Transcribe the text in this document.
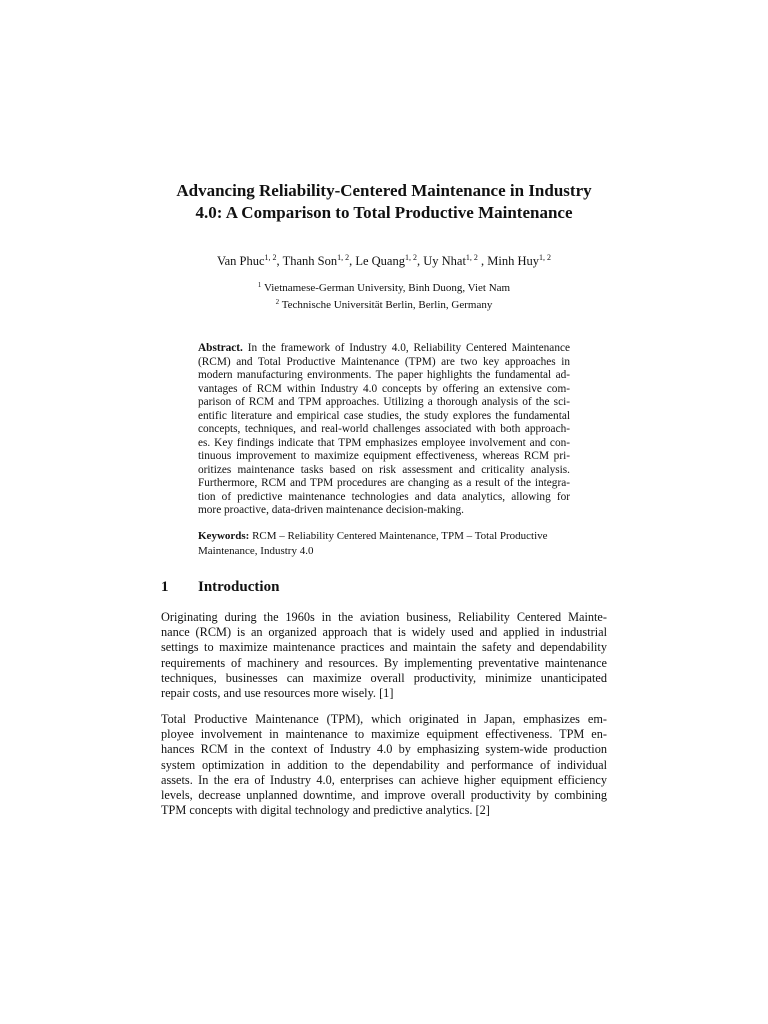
Advancing Reliability-Centered Maintenance in Industry
4.0: A Comparison to Total Productive Maintenance
Van Phuc$^{1, 2}$, Thanh Son$^{1, 2}$, Le Quang$^{1, 2}$, Uy Nhat$^{1, 2}$ , Minh Huy$^{1, 2}$
$^1$ Vietnamese-German University, Binh Duong, Viet Nam
$^2$ Technische Universität Berlin, Berlin, Germany
Abstract. In the framework of Industry 4.0, Reliability Centered Maintenance
(RCM) and Total Productive Maintenance (TPM) are two key approaches in
modern manufacturing environments. The paper highlights the fundamental ad-
vantages of RCM within Industry 4.0 concepts by offering an extensive com-
parison of RCM and TPM approaches. Utilizing a thorough analysis of the sci-
entific literature and empirical case studies, the study explores the fundamental
concepts, techniques, and real-world challenges associated with both approach-
es. Key findings indicate that TPM emphasizes employee involvement and con-
tinuous improvement to maximize equipment effectiveness, whereas RCM pri-
oritizes maintenance tasks based on risk assessment and criticality analysis.
Furthermore, RCM and TPM procedures are changing as a result of the integra-
tion of predictive maintenance technologies and data analytics, allowing for
more proactive, data-driven maintenance decision-making.
Keywords: RCM – Reliability Centered Maintenance, TPM – Total Productive Maintenance, Industry 4.0
1 Introduction
Originating during the 1960s in the aviation business, Reliability Centered Mainte-
nance (RCM) is an organized approach that is widely used and applied in industrial
settings to maximize maintenance practices and maintain the safety and dependability
requirements of machinery and resources. By implementing preventative maintenance
techniques, businesses can maximize overall productivity, minimize unanticipated
repair costs, and use resources more wisely. [1]
Total Productive Maintenance (TPM), which originated in Japan, emphasizes em-
ployee involvement in maintenance to maximize equipment effectiveness. TPM en-
hances RCM in the context of Industry 4.0 by emphasizing system-wide production
system optimization in addition to the dependability and performance of individual
assets. In the era of Industry 4.0, enterprises can achieve higher equipment efficiency
levels, decrease unplanned downtime, and improve overall productivity by combining
TPM concepts with digital technology and predictive analytics. [2]
